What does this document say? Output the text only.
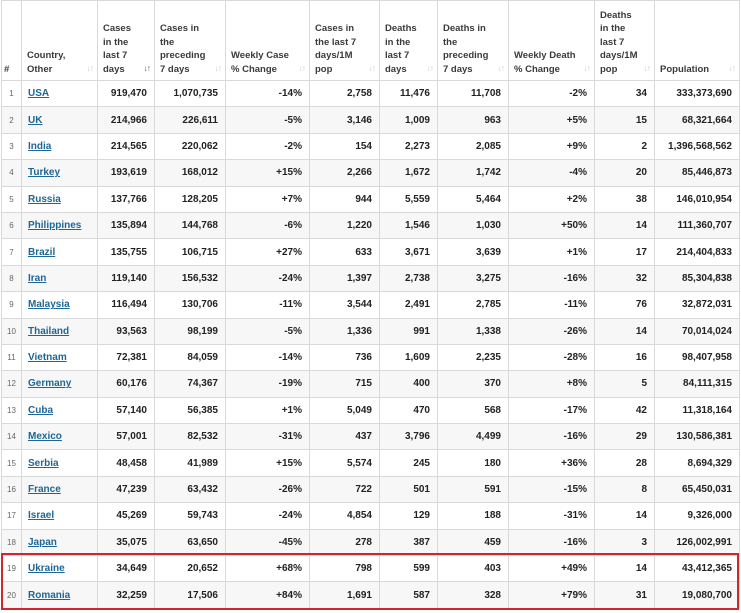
#	Country, Other ↓↑	Cases in the last 7 days ↓↑	Cases in the preceding 7 days ↓↑	Weekly Case % Change ↓↑	Cases in the last 7 days/1M pop ↓↑	Deaths in the last 7 days ↓↑	Deaths in the preceding 7 days ↓↑	Weekly Death % Change ↓↑	Deaths in the last 7 days/1M pop ↓↑	Population ↓↑

1	USA	919,470	1,070,735	-14%	2,758	11,476	11,708	-2%	34	333,373,690
2	UK	214,966	226,611	-5%	3,146	1,009	963	+5%	15	68,321,664
3	India	214,565	220,062	-2%	154	2,273	2,085	+9%	2	1,396,568,562
4	Turkey	193,619	168,012	+15%	2,266	1,672	1,742	-4%	20	85,446,873
5	Russia	137,766	128,205	+7%	944	5,559	5,464	+2%	38	146,010,954
6	Philippines	135,894	144,768	-6%	1,220	1,546	1,030	+50%	14	111,360,707
7	Brazil	135,755	106,715	+27%	633	3,671	3,639	+1%	17	214,404,833
8	Iran	119,140	156,532	-24%	1,397	2,738	3,275	-16%	32	85,304,838
9	Malaysia	116,494	130,706	-11%	3,544	2,491	2,785	-11%	76	32,872,031
10	Thailand	93,563	98,199	-5%	1,336	991	1,338	-26%	14	70,014,024
11	Vietnam	72,381	84,059	-14%	736	1,609	2,235	-28%	16	98,407,958
12	Germany	60,176	74,367	-19%	715	400	370	+8%	5	84,111,315
13	Cuba	57,140	56,385	+1%	5,049	470	568	-17%	42	11,318,164
14	Mexico	57,001	82,532	-31%	437	3,796	4,499	-16%	29	130,586,381
15	Serbia	48,458	41,989	+15%	5,574	245	180	+36%	28	8,694,329
16	France	47,239	63,432	-26%	722	501	591	-15%	8	65,450,031
17	Israel	45,269	59,743	-24%	4,854	129	188	-31%	14	9,326,000
18	Japan	35,075	63,650	-45%	278	387	459	-16%	3	126,002,991
19	Ukraine	34,649	20,652	+68%	798	599	403	+49%	14	43,412,365
20	Romania	32,259	17,506	+84%	1,691	587	328	+79%	31	19,080,700
